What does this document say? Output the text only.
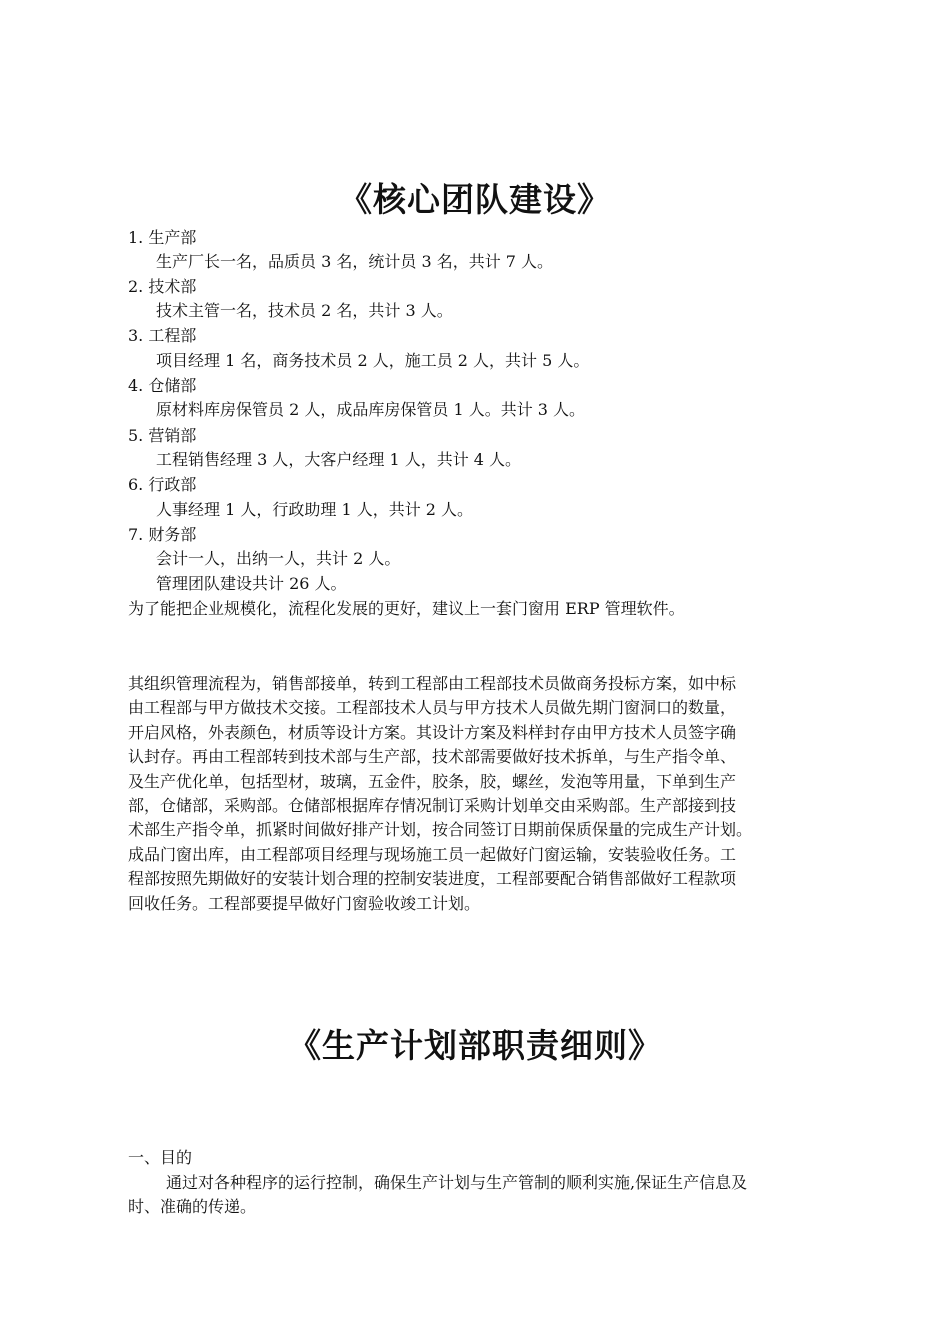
《核心团队建设》
1. 生产部
生产厂长一名，品质员 3 名，统计员 3 名，共计 7 人。
2. 技术部
技术主管一名，技术员 2 名，共计 3 人。
3. 工程部
项目经理 1 名，商务技术员 2 人，施工员 2 人，共计 5 人。
4. 仓储部
原材料库房保管员 2 人，成品库房保管员 1 人。共计 3 人。
5. 营销部
工程销售经理 3 人，大客户经理 1 人，共计 4 人。
6. 行政部
人事经理 1 人，行政助理 1 人，共计 2 人。
7. 财务部
会计一人，出纳一人，共计 2 人。
管理团队建设共计 26 人。
为了能把企业规模化，流程化发展的更好，建议上一套门窗用 ERP 管理软件。
其组织管理流程为，销售部接单，转到工程部由工程部技术员做商务投标方案，如中标
由工程部与甲方做技术交接。工程部技术人员与甲方技术人员做先期门窗洞口的数量，
开启风格，外表颜色，材质等设计方案。其设计方案及料样封存由甲方技术人员签字确
认封存。再由工程部转到技术部与生产部，技术部需要做好技术拆单，与生产指令单、
及生产优化单，包括型材，玻璃，五金件，胶条，胶，螺丝，发泡等用量，下单到生产
部，仓储部，采购部。仓储部根据库存情况制订采购计划单交由采购部。生产部接到技
术部生产指令单，抓紧时间做好排产计划，按合同签订日期前保质保量的完成生产计划。
成品门窗出库，由工程部项目经理与现场施工员一起做好门窗运输，安装验收任务。工
程部按照先期做好的安装计划合理的控制安装进度，工程部要配合销售部做好工程款项
回收任务。工程部要提早做好门窗验收竣工计划。
《生产计划部职责细则》
一、目的
通过对各种程序的运行控制，确保生产计划与生产管制的顺利实施,保证生产信息及
时、准确的传递。
